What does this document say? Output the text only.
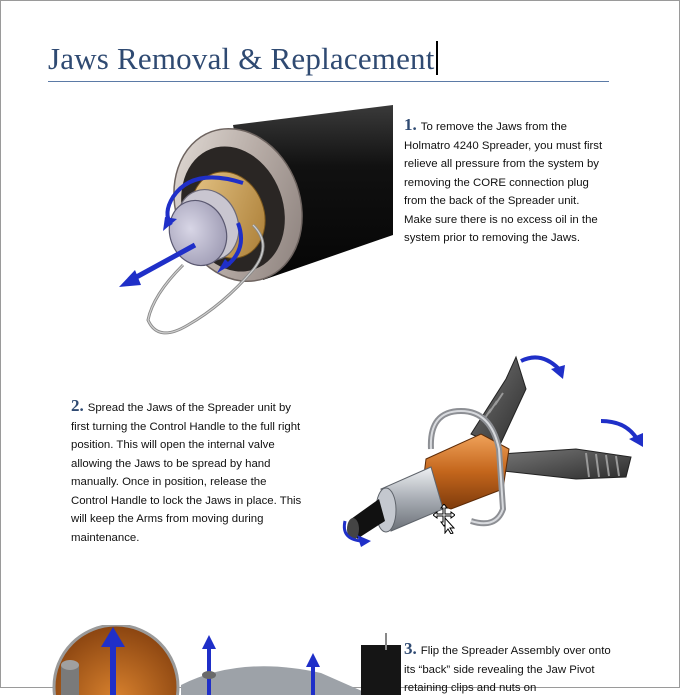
Jaws Removal & Replacement

1. To remove the Jaws from the Holmatro 4240 Spreader, you must first relieve all pressure from the system by removing the CORE connection plug from the back of the Spreader unit. Make sure there is no excess oil in the system prior to removing the Jaws.

2. Spread the Jaws of the Spreader unit by first turning the Control Handle to the full right position. This will open the internal valve allowing the Jaws to be spread by hand manually. Once in position, release the Control Handle to lock the Jaws in place. This will keep the Arms from moving during maintenance.

3. Flip the Spreader Assembly over onto its “back” side revealing the Jaw Pivot retaining clips and nuts on
